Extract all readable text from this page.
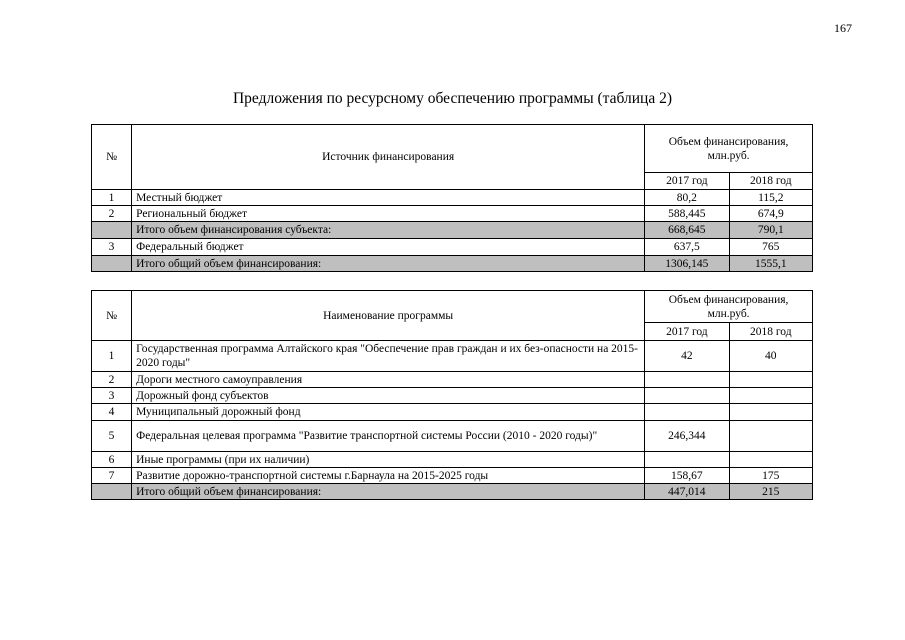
167
Предложения по ресурсному обеспечению программы (таблица 2)
№	Источник финансирования	Объем финансирования, млн.руб.	
		2017 год	2018 год
1	Местный бюджет	80,2	115,2
2	Региональный бюджет	588,445	674,9
	Итого объем финансирования субъекта:	668,645	790,1
3	Федеральный бюджет	637,5	765
	Итого общий объем финансирования:	1306,145	1555,1
№	Наименование программы	Объем финансирования, млн.руб.	
		2017 год	2018 год
1	Государственная программа Алтайского края "Обеспечение прав граждан и их без-опасности на 2015-2020 годы"	42	40
2	Дороги местного самоуправления		
3	Дорожный фонд субъектов		
4	Муниципальный дорожный фонд		
5	Федеральная целевая программа "Развитие транспортной системы России (2010 - 2020 годы)"	246,344	
6	Иные программы (при их наличии)		
7	Развитие дорожно-транспортной системы г.Барнаула на 2015-2025 годы	158,67	175
	Итого общий объем финансирования:	447,014	215
